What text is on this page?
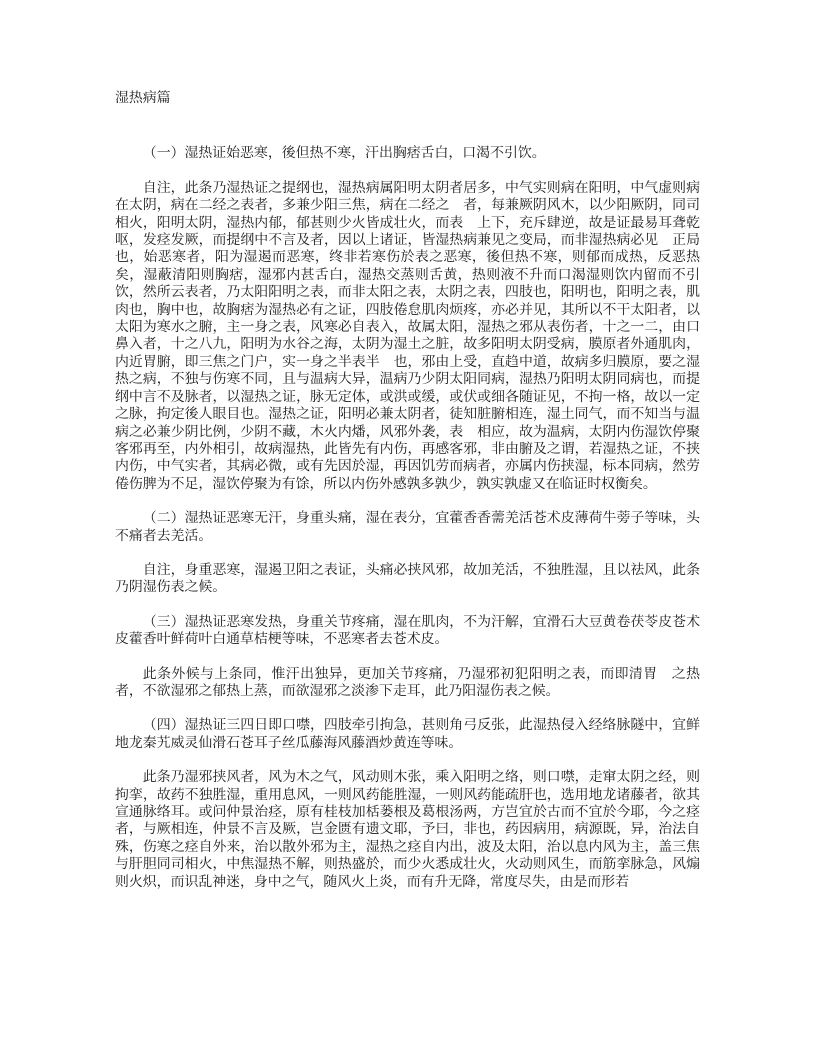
湿热病篇

（一）湿热证始恶寒，後但热不寒，汗出胸痞舌白，口渴不引饮。

自注，此条乃湿热证之提纲也，湿热病属阳明太阴者居多，中气实则病在阳明，中气虚则病在太阴，病在二经之表者，多兼少阳三焦，病在二经之　者，每兼厥阴风木，以少阳厥阴，同司相火，阳明太阴，湿热内郁，郁甚则少火皆成壮火，而表　上下，充斥肆逆，故是证最易耳聋乾呕，发痉发厥，而提纲中不言及者，因以上诸证，皆湿热病兼见之变局，而非湿热病必见　正局也，始恶寒者，阳为湿遏而恶寒，终非若寒伤於表之恶寒，後但热不寒，则郁而成热，反恶热矣，湿蔽清阳则胸痞，湿邪内甚舌白，湿热交蒸则舌黄，热则液不升而口渴湿则饮内留而不引饮，然所云表者，乃太阳阳明之表，而非太阳之表，太阴之表，四肢也，阳明也，阳明之表，肌肉也，胸中也，故胸痞为湿热必有之证，四肢倦怠肌肉烦疼，亦必并见，其所以不干太阳者，以太阳为寒水之腑，主一身之表，风寒必自表入，故属太阳，湿热之邪从表伤者，十之一二，由口鼻入者，十之八九，阳明为水谷之海，太阴为湿土之脏，故多阳明太阴受病，膜原者外通肌肉，内近胃腑，即三焦之门户，实一身之半表半　也，邪由上受，直趋中道，故病多归膜原，要之湿热之病，不独与伤寒不同，且与温病大异，温病乃少阴太阳同病，湿热乃阳明太阴同病也，而提纲中言不及脉者，以湿热之证，脉无定体，或洪或缓，或伏或细各随证见，不拘一格，故以一定之脉，拘定後人眼目也。湿热之证，阳明必兼太阴者，徒知脏腑相连，湿土同气，而不知当与温病之必兼少阴比例，少阴不藏，木火内燔，风邪外袭，表　相应，故为温病，太阴内伤湿饮停聚客邪再至，内外相引，故病湿热，此皆先有内伤，再感客邪，非由腑及之谓，若湿热之证，不挟内伤，中气实者，其病必微，或有先因於湿，再因饥劳而病者，亦属内伤挟湿，标本同病，然劳倦伤脾为不足，湿饮停聚为有馀，所以内伤外感孰多孰少，孰实孰虚又在临证时权衡矣。

（二）湿热证恶寒无汗，身重头痛，湿在表分，宜藿香香薷羌活苍术皮薄荷牛蒡子等味，头不痛者去羌活。

自注，身重恶寒，湿遏卫阳之表证，头痛必挟风邪，故加羌活，不独胜湿，且以祛风，此条乃阴湿伤表之候。

（三）湿热证恶寒发热，身重关节疼痛，湿在肌肉，不为汗解，宜滑石大豆黄卷茯苓皮苍术皮藿香叶鲜荷叶白通草桔梗等味，不恶寒者去苍术皮。

此条外候与上条同，惟汗出独异，更加关节疼痛，乃湿邪初犯阳明之表，而即清胃　之热者，不欲湿邪之郁热上蒸，而欲湿邪之淡渗下走耳，此乃阳湿伤表之候。

（四）湿热证三四日即口噤，四肢牵引拘急，甚则角弓反张，此湿热侵入经络脉隧中，宜鲜地龙秦艽威灵仙滑石苍耳子丝瓜藤海风藤酒炒黄连等味。

此条乃湿邪挟风者，风为木之气，风动则木张，乘入阳明之络，则口噤，走窜太阴之经，则拘挛，故药不独胜湿，重用息风，一则风药能胜湿，一则风药能疏肝也，选用地龙诸藤者，欲其宣通脉络耳。或问仲景治痉，原有桂枝加栝蒌根及葛根汤两，方岂宜於古而不宜於今耶，今之痉者，与厥相连，仲景不言及厥，岂金匮有遗文耶，予曰，非也，药因病用，病源既，异，治法自殊，伤寒之痉自外来，治以散外邪为主，湿热之痉自内出，波及太阳，治以息内风为主，盖三焦与肝胆同司相火，中焦湿热不解，则热盛於，而少火悉成壮火，火动则风生，而筋挛脉急，风煽则火炽，而识乱神迷，身中之气，随风火上炎，而有升无降，常度尽失，由是而形若
